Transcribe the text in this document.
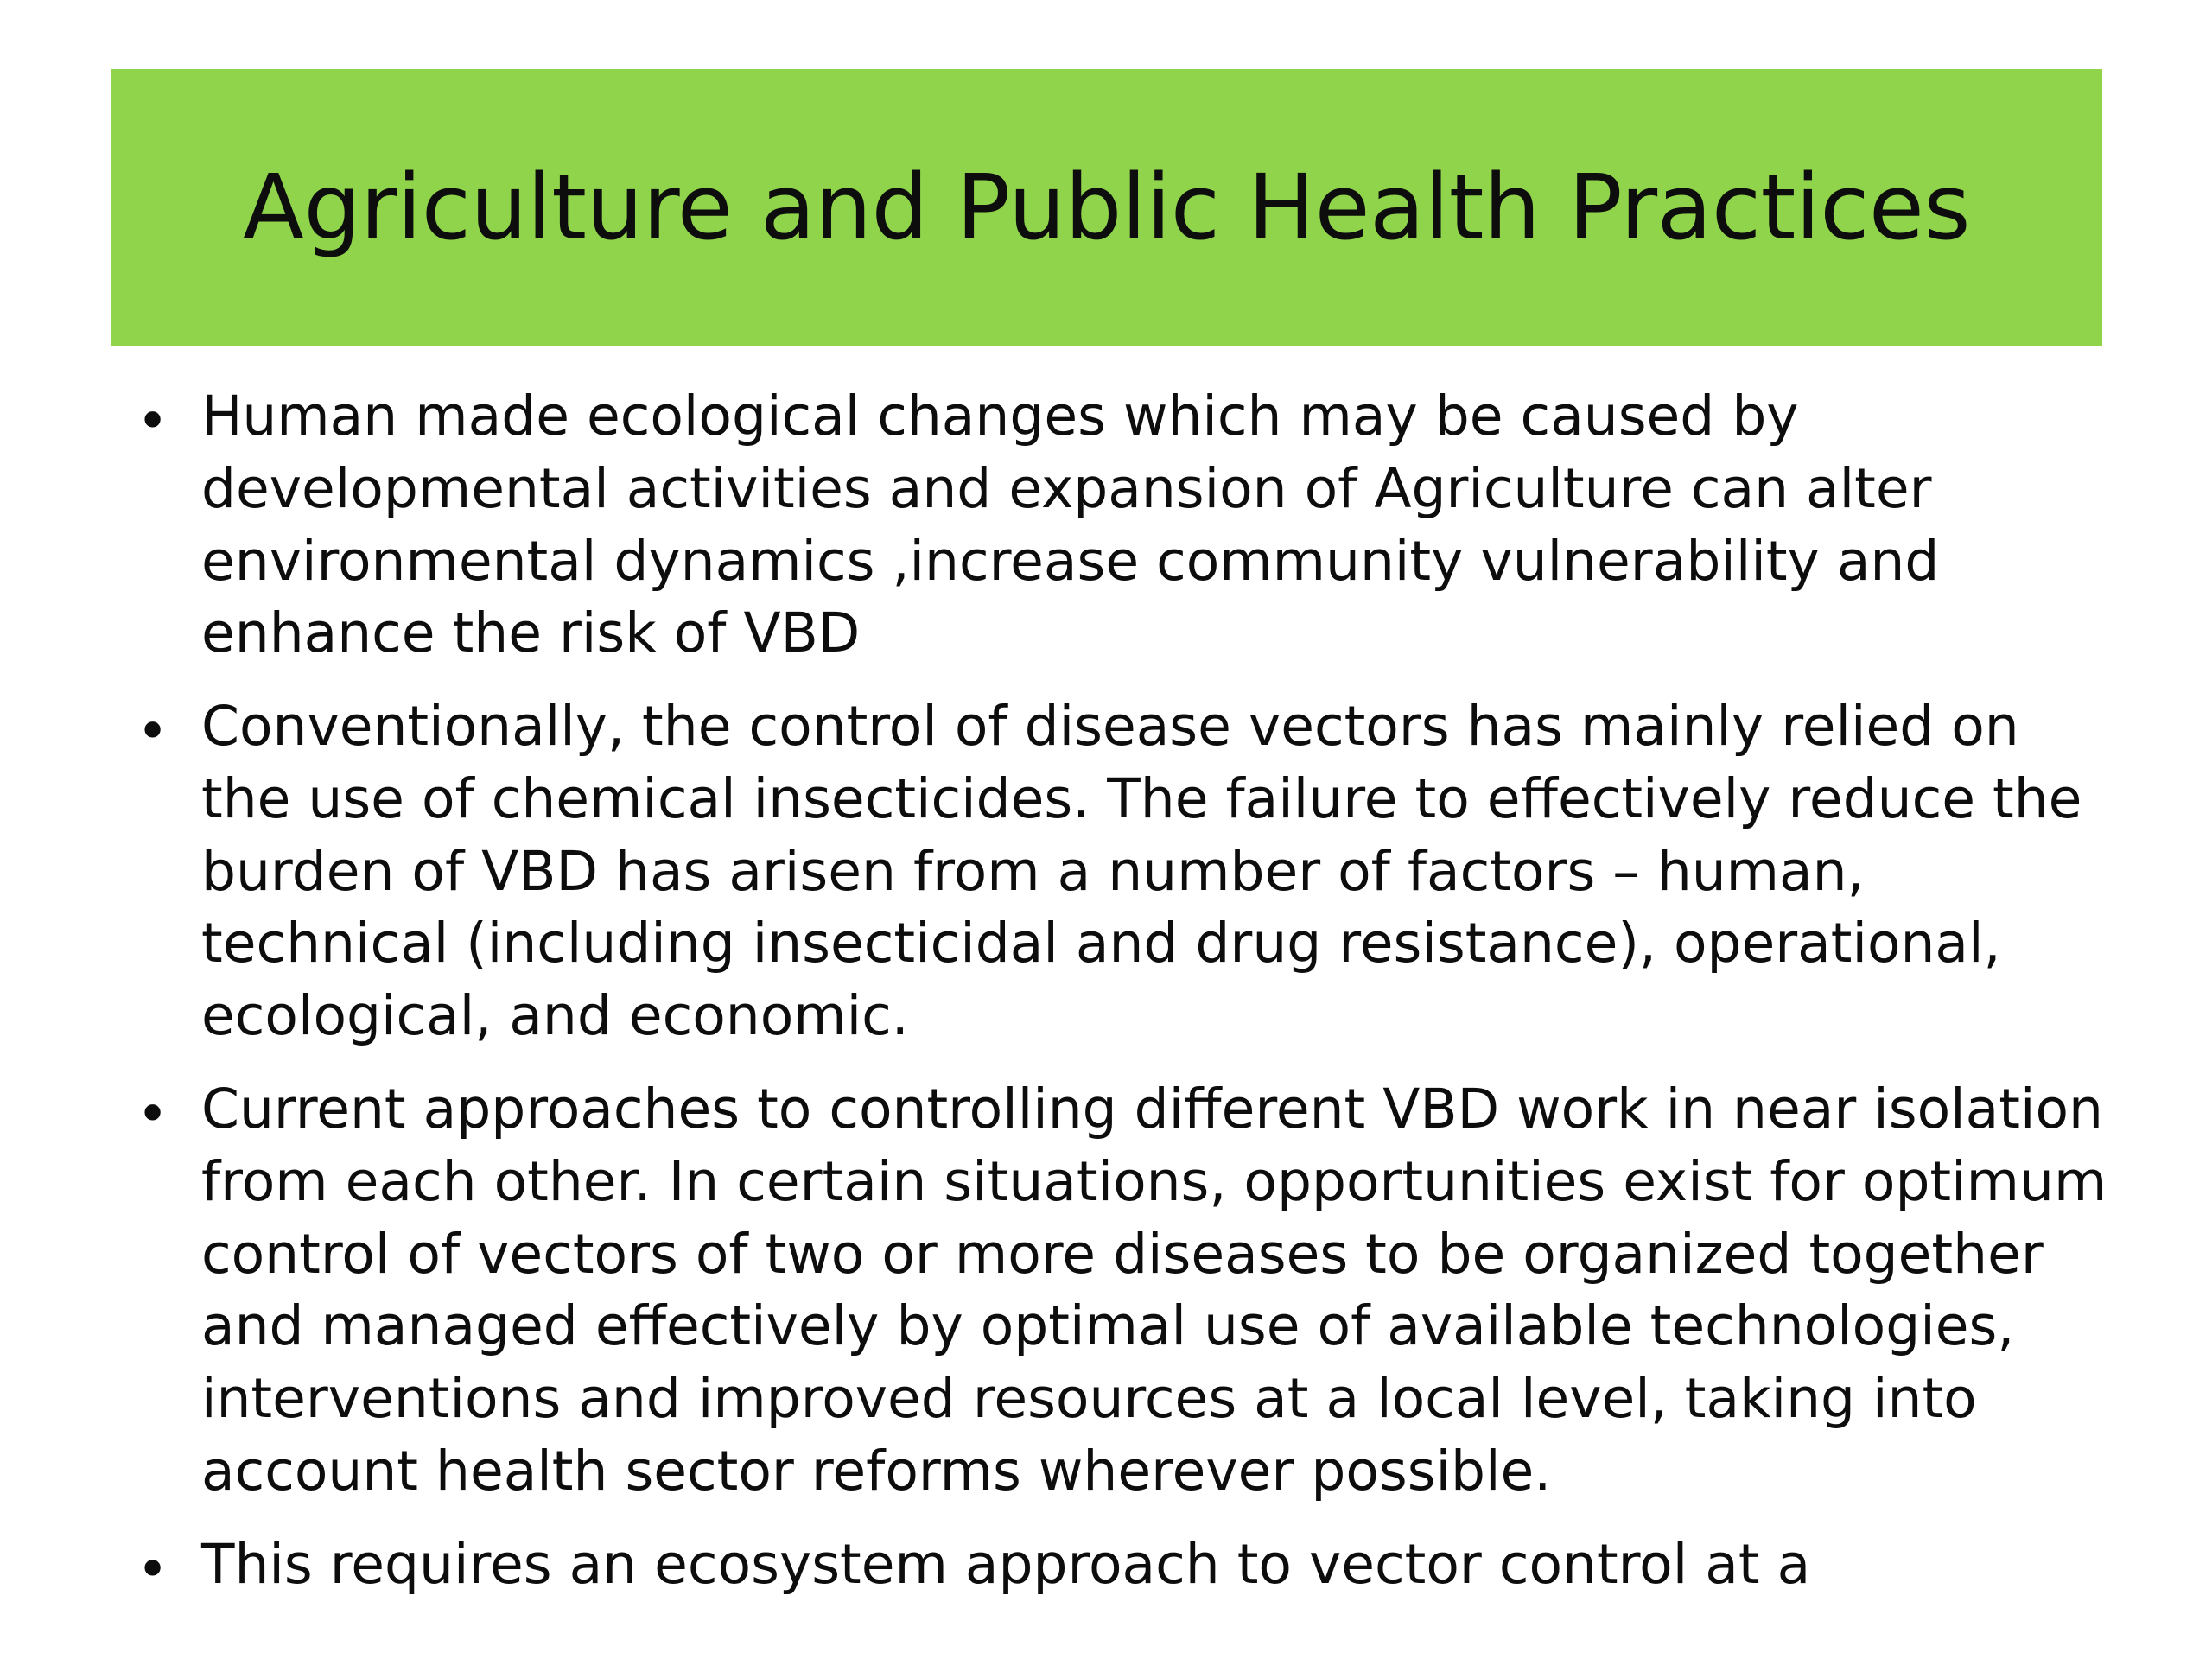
Agriculture and Public Health Practices
• Human made ecological changes which may be caused by developmental activities and expansion of Agriculture can alter environmental dynamics ,increase community vulnerability and enhance the risk of VBD
• Conventionally, the control of disease vectors has mainly relied on the use of chemical insecticides. The failure to effectively reduce the burden of VBD has arisen from a number of factors – human, technical (including insecticidal and drug resistance), operational, ecological, and economic.
• Current approaches to controlling different VBD work in near isolation from each other. In certain situations, opportunities exist for optimum control of vectors of two or more diseases to be organized together and managed effectively by optimal use of available technologies, interventions and improved resources at a local level, taking into account health sector reforms wherever possible.
• This requires an ecosystem approach to vector control at a
